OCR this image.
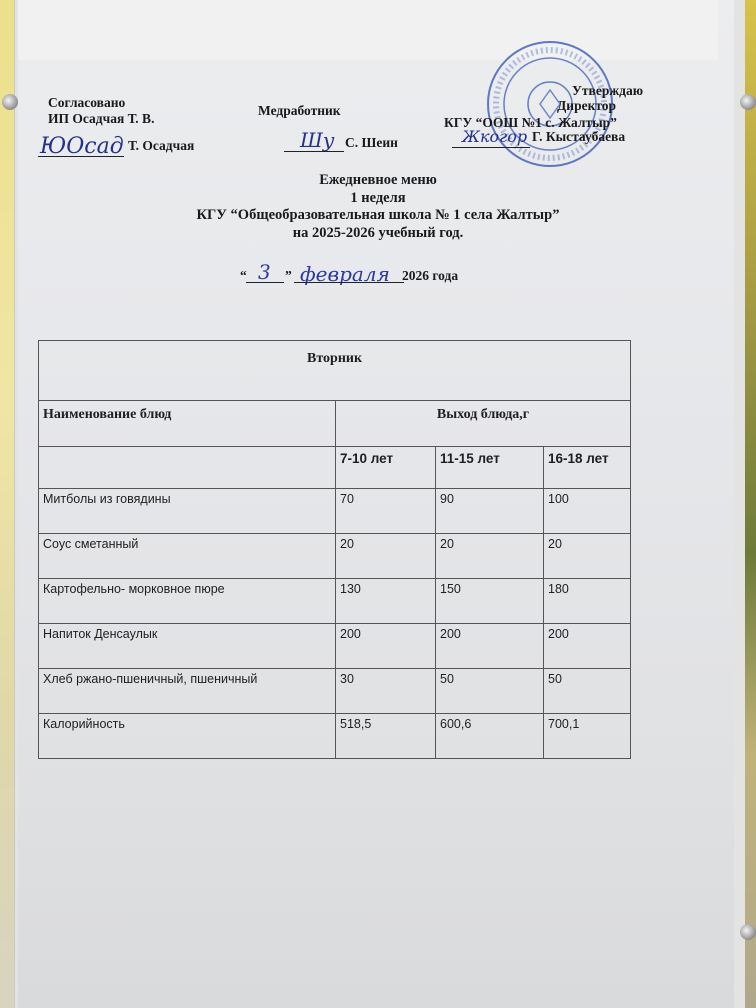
Согласовано
ИП Осадчая Т. В.
ЮОсад Т. Осадчая
Медработник
Шу С. Шеин
Утверждаю
Директор
КГУ “ООШ №1 с. Жалтыр”
Жкогор Г. Кыстаубаева
Ежедневное меню
1 неделя
КГУ “Общеобразовательная школа № 1 села Жалтыр”
на 2025-2026 учебный год.
“ 3 ” февраля 2026 года
Вторник			
Наименование блюд	Выход блюда,г		
	7-10 лет	11-15 лет	16-18 лет
Митболы из говядины	70	90	100
Соус сметанный	20	20	20
Картофельно- морковное пюре	130	150	180
Напиток Денсаулык	200	200	200
Хлеб ржано-пшеничный, пшеничный	30	50	50
Калорийность	518,5	600,6	700,1
